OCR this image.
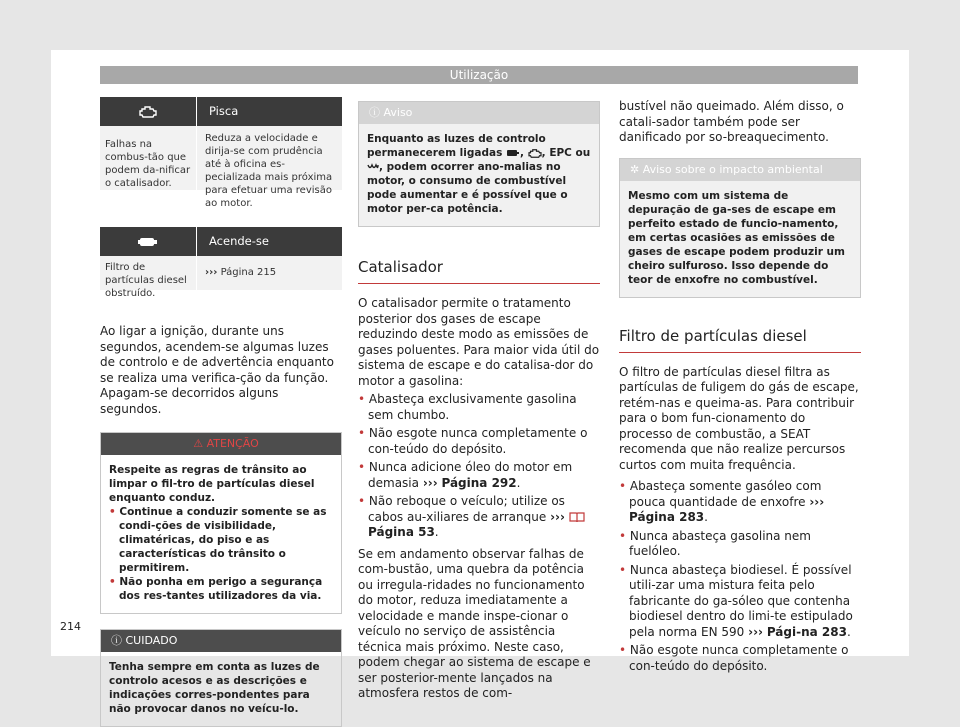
Utilização
Pisca
Falhas na combus-tão que podem da-nificar o catalisador.
Reduza a velocidade e dirija-se com prudência até à oficina es-pecializada mais próxima para efetuar uma revisão ao motor.
Acende-se
Filtro de partículas diesel obstruído.
››› Página 215
Ao ligar a ignição, durante uns segundos, acendem-se algumas luzes de controlo e de advertência enquanto se realiza uma verifica-ção da função. Apagam-se decorridos alguns segundos.
⚠ ATENÇÃO
Respeite as regras de trânsito ao limpar o fil-tro de partículas diesel enquanto conduz.
• Continue a conduzir somente se as condi-ções de visibilidade, climatéricas, do piso e as características do trânsito o permitirem.
• Não ponha em perigo a segurança dos res-tantes utilizadores da via.
ⓘ CUIDADO
Tenha sempre em conta as luzes de controlo acesos e as descrições e indicações corres-pondentes para não provocar danos no veícu-lo.
ⓘ Aviso
Enquanto as luzes de controlo permanecerem ligadas , , EPC ou , podem ocorrer ano-malias no motor, o consumo de combustível pode aumentar e é possível que o motor per-ca potência.
Catalisador
O catalisador permite o tratamento posterior dos gases de escape reduzindo deste modo as emissões de gases poluentes. Para maior vida útil do sistema de escape e do catalisa-dor do motor a gasolina:
• Abasteça exclusivamente gasolina sem chumbo.
• Não esgote nunca completamente o con-teúdo do depósito.
• Nunca adicione óleo do motor em demasia ››› Página 292.
• Não reboque o veículo; utilize os cabos au-xiliares de arranque ›››  Página 53.
Se em andamento observar falhas de com-bustão, uma quebra da potência ou irregula-ridades no funcionamento do motor, reduza imediatamente a velocidade e mande inspe-cionar o veículo no serviço de assistência técnica mais próximo. Neste caso, podem chegar ao sistema de escape e ser posterior-mente lançados na atmosfera restos de com-
bustível não queimado. Além disso, o catali-sador também pode ser danificado por so-breaquecimento.
✲ Aviso sobre o impacto ambiental
Mesmo com um sistema de depuração de ga-ses de escape em perfeito estado de funcio-namento, em certas ocasiões as emissões de gases de escape podem produzir um cheiro sulfuroso. Isso depende do teor de enxofre no combustível.
Filtro de partículas diesel
O filtro de partículas diesel filtra as partículas de fuligem do gás de escape, retém-nas e queima-as. Para contribuir para o bom fun-cionamento do processo de combustão, a SEAT recomenda que não realize percursos curtos com muita frequência.
• Abasteça somente gasóleo com pouca quantidade de enxofre ››› Página 283.
• Nunca abasteça gasolina nem fuelóleo.
• Nunca abasteça biodiesel. É possível utili-zar uma mistura feita pelo fabricante do ga-sóleo que contenha biodiesel dentro do limi-te estipulado pela norma EN 590 ››› Pági-na 283.
• Não esgote nunca completamente o con-teúdo do depósito.
214
